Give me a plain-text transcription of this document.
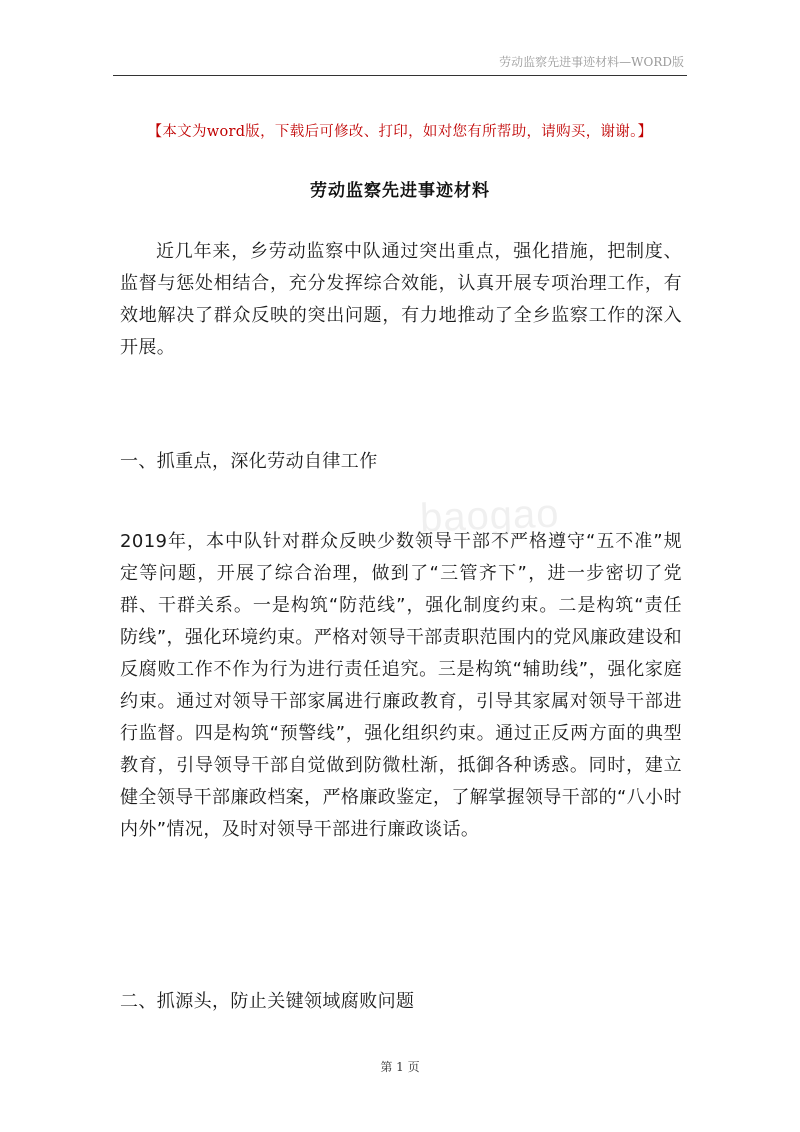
劳动监察先进事迹材料—WORD版
【本文为word版，下载后可修改、打印，如对您有所帮助，请购买，谢谢。】
劳动监察先进事迹材料
近几年来，乡劳动监察中队通过突出重点，强化措施，把制度、监督与惩处相结合，充分发挥综合效能，认真开展专项治理工作，有效地解决了群众反映的突出问题，有力地推动了全乡监察工作的深入开展。
一、抓重点，深化劳动自律工作
2019年，本中队针对群众反映少数领导干部不严格遵守“五不准”规定等问题，开展了综合治理，做到了“三管齐下”，进一步密切了党群、干群关系。一是构筑“防范线”，强化制度约束。二是构筑“责任防线”，强化环境约束。严格对领导干部责职范围内的党风廉政建设和反腐败工作不作为行为进行责任追究。三是构筑“辅助线”，强化家庭约束。通过对领导干部家属进行廉政教育，引导其家属对领导干部进行监督。四是构筑“预警线”，强化组织约束。通过正反两方面的典型教育，引导领导干部自觉做到防微杜渐，抵御各种诱惑。同时，建立健全领导干部廉政档案，严格廉政鉴定，了解掌握领导干部的“八小时内外”情况，及时对领导干部进行廉政谈话。
二、抓源头，防止关键领域腐败问题
baogao
第 1 页
